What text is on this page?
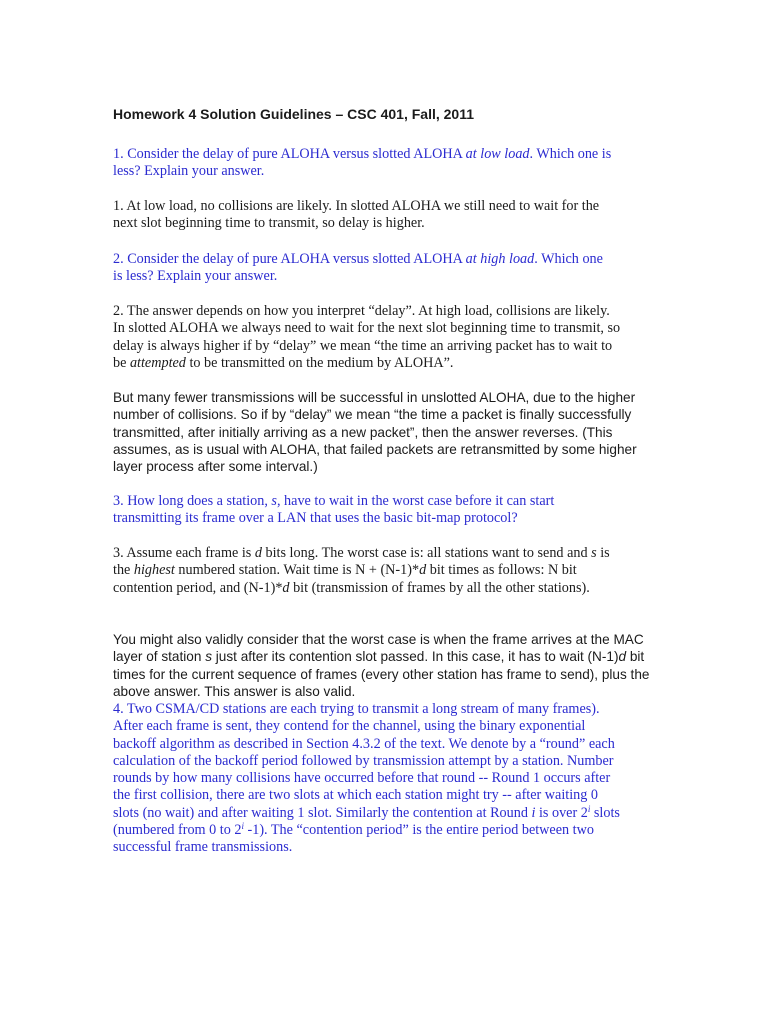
Homework 4 Solution Guidelines – CSC 401, Fall, 2011
1. Consider the delay of pure ALOHA versus slotted ALOHA at low load. Which one is
less? Explain your answer.
1. At low load, no collisions are likely. In slotted ALOHA we still need to wait for the
next slot beginning time to transmit, so delay is higher.
2. Consider the delay of pure ALOHA versus slotted ALOHA at high load. Which one
is less? Explain your answer.
2. The answer depends on how you interpret “delay”. At high load, collisions are likely.
In slotted ALOHA we always need to wait for the next slot beginning time to transmit, so
delay is always higher if by “delay” we mean “the time an arriving packet has to wait to
be attempted to be transmitted on the medium by ALOHA”.
But many fewer transmissions will be successful in unslotted ALOHA, due to the higher
number of collisions. So if by “delay” we mean “the time a packet is finally successfully
transmitted, after initially arriving as a new packet”, then the answer reverses. (This
assumes, as is usual with ALOHA, that failed packets are retransmitted by some higher
layer process after some interval.)
3. How long does a station, s, have to wait in the worst case before it can start
transmitting its frame over a LAN that uses the basic bit-map protocol?
3. Assume each frame is d bits long. The worst case is: all stations want to send and s is
the highest numbered station. Wait time is N + (N-1)*d bit times as follows: N bit
contention period, and (N-1)*d bit (transmission of frames by all the other stations).
You might also validly consider that the worst case is when the frame arrives at the MAC
layer of station s just after its contention slot passed. In this case, it has to wait (N-1)d bit
times for the current sequence of frames (every other station has frame to send), plus the
above answer. This answer is also valid.
4. Two CSMA/CD stations are each trying to transmit a long stream of many frames).
After each frame is sent, they contend for the channel, using the binary exponential
backoff algorithm as described in Section 4.3.2 of the text. We denote by a “round” each
calculation of the backoff period followed by transmission attempt by a station. Number
rounds by how many collisions have occurred before that round -- Round 1 occurs after
the first collision, there are two slots at which each station might try -- after waiting 0
slots (no wait) and after waiting 1 slot. Similarly the contention at Round i is over 2$^i$ slots
(numbered from 0 to 2$^i$ -1). The “contention period” is the entire period between two
successful frame transmissions.
